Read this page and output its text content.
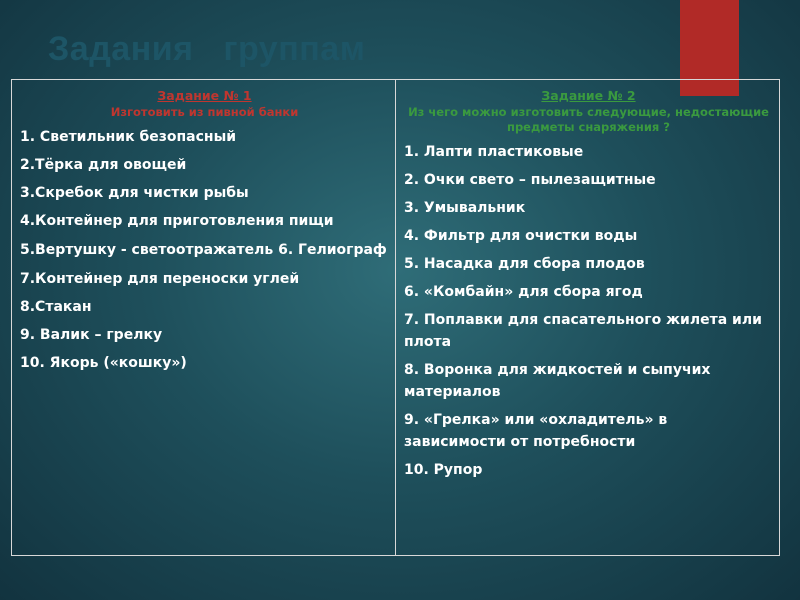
Задания   группам
Задание № 1
Изготовить из пивной банки
1. Светильник безопасный
2.Тёрка для овощей
3.Скребок для чистки рыбы
4.Контейнер для приготовления пищи
5.Вертушку - светоотражатель 6. Гелиограф
7.Контейнер для переноски углей
8.Стакан
9. Валик – грелку
10. Якорь («кошку»)

Задание № 2
Из чего можно изготовить следующие, недостающие предметы снаряжения ?
1. Лапти пластиковые
2. Очки свето – пылезащитные
3. Умывальник
4. Фильтр для очистки воды
5. Насадка для сбора плодов
6. «Комбайн» для сбора ягод
7. Поплавки для спасательного жилета или плота
8. Воронка для жидкостей и сыпучих материалов
9. «Грелка» или «охладитель» в зависимости от потребности
10. Рупор
